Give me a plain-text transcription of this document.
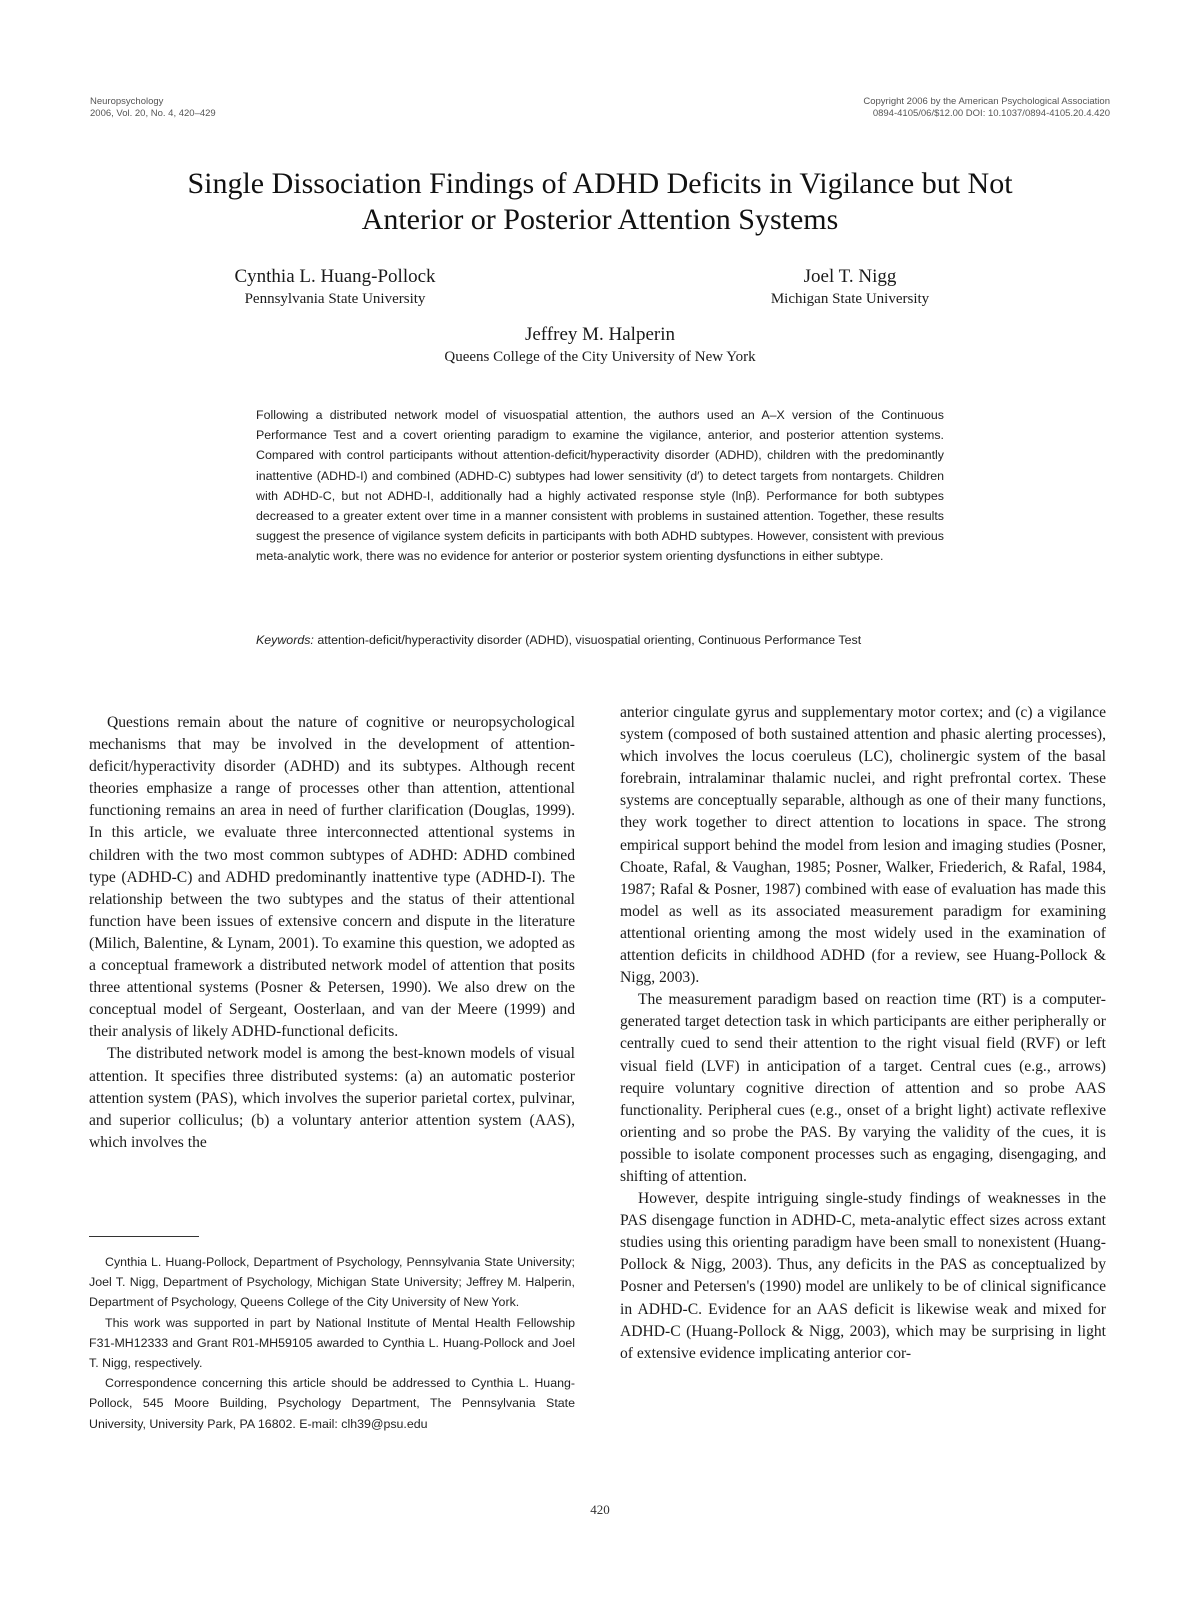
Neuropsychology
2006, Vol. 20, No. 4, 420–429
Copyright 2006 by the American Psychological Association
0894-4105/06/$12.00 DOI: 10.1037/0894-4105.20.4.420
Single Dissociation Findings of ADHD Deficits in Vigilance but Not
Anterior or Posterior Attention Systems
Cynthia L. Huang-Pollock
Pennsylvania State University
Joel T. Nigg
Michigan State University
Jeffrey M. Halperin
Queens College of the City University of New York

Following a distributed network model of visuospatial attention, the authors used an A–X version of the Continuous Performance Test and a covert orienting paradigm to examine the vigilance, anterior, and posterior attention systems. Compared with control participants without attention-deficit/hyperactivity disorder (ADHD), children with the predominantly inattentive (ADHD-I) and combined (ADHD-C) subtypes had lower sensitivity (d′) to detect targets from nontargets. Children with ADHD-C, but not ADHD-I, additionally had a highly activated response style (lnβ). Performance for both subtypes decreased to a greater extent over time in a manner consistent with problems in sustained attention. Together, these results suggest the presence of vigilance system deficits in participants with both ADHD subtypes. However, consistent with previous meta-analytic work, there was no evidence for anterior or posterior system orienting dysfunctions in either subtype.

Keywords: attention-deficit/hyperactivity disorder (ADHD), visuospatial orienting, Continuous Performance Test

Questions remain about the nature of cognitive or neuropsychological mechanisms that may be involved in the development of attention-deficit/hyperactivity disorder (ADHD) and its subtypes. Although recent theories emphasize a range of processes other than attention, attentional functioning remains an area in need of further clarification (Douglas, 1999). In this article, we evaluate three interconnected attentional systems in children with the two most common subtypes of ADHD: ADHD combined type (ADHD-C) and ADHD predominantly inattentive type (ADHD-I). The relationship between the two subtypes and the status of their attentional function have been issues of extensive concern and dispute in the literature (Milich, Balentine, & Lynam, 2001). To examine this question, we adopted as a conceptual framework a distributed network model of attention that posits three attentional systems (Posner & Petersen, 1990). We also drew on the conceptual model of Sergeant, Oosterlaan, and van der Meere (1999) and their analysis of likely ADHD-functional deficits.

The distributed network model is among the best-known models of visual attention. It specifies three distributed systems: (a) an automatic posterior attention system (PAS), which involves the superior parietal cortex, pulvinar, and superior colliculus; (b) a voluntary anterior attention system (AAS), which involves the

Cynthia L. Huang-Pollock, Department of Psychology, Pennsylvania State University; Joel T. Nigg, Department of Psychology, Michigan State University; Jeffrey M. Halperin, Department of Psychology, Queens College of the City University of New York.

This work was supported in part by National Institute of Mental Health Fellowship F31-MH12333 and Grant R01-MH59105 awarded to Cynthia L. Huang-Pollock and Joel T. Nigg, respectively.

Correspondence concerning this article should be addressed to Cynthia L. Huang-Pollock, 545 Moore Building, Psychology Department, The Pennsylvania State University, University Park, PA 16802. E-mail: clh39@psu.edu

anterior cingulate gyrus and supplementary motor cortex; and (c) a vigilance system (composed of both sustained attention and phasic alerting processes), which involves the locus coeruleus (LC), cholinergic system of the basal forebrain, intralaminar thalamic nuclei, and right prefrontal cortex. These systems are conceptually separable, although as one of their many functions, they work together to direct attention to locations in space. The strong empirical support behind the model from lesion and imaging studies (Posner, Choate, Rafal, & Vaughan, 1985; Posner, Walker, Friederich, & Rafal, 1984, 1987; Rafal & Posner, 1987) combined with ease of evaluation has made this model as well as its associated measurement paradigm for examining attentional orienting among the most widely used in the examination of attention deficits in childhood ADHD (for a review, see Huang-Pollock & Nigg, 2003).

The measurement paradigm based on reaction time (RT) is a computer-generated target detection task in which participants are either peripherally or centrally cued to send their attention to the right visual field (RVF) or left visual field (LVF) in anticipation of a target. Central cues (e.g., arrows) require voluntary cognitive direction of attention and so probe AAS functionality. Peripheral cues (e.g., onset of a bright light) activate reflexive orienting and so probe the PAS. By varying the validity of the cues, it is possible to isolate component processes such as engaging, disengaging, and shifting of attention.

However, despite intriguing single-study findings of weaknesses in the PAS disengage function in ADHD-C, meta-analytic effect sizes across extant studies using this orienting paradigm have been small to nonexistent (Huang-Pollock & Nigg, 2003). Thus, any deficits in the PAS as conceptualized by Posner and Petersen's (1990) model are unlikely to be of clinical significance in ADHD-C. Evidence for an AAS deficit is likewise weak and mixed for ADHD-C (Huang-Pollock & Nigg, 2003), which may be surprising in light of extensive evidence implicating anterior cor-

420
